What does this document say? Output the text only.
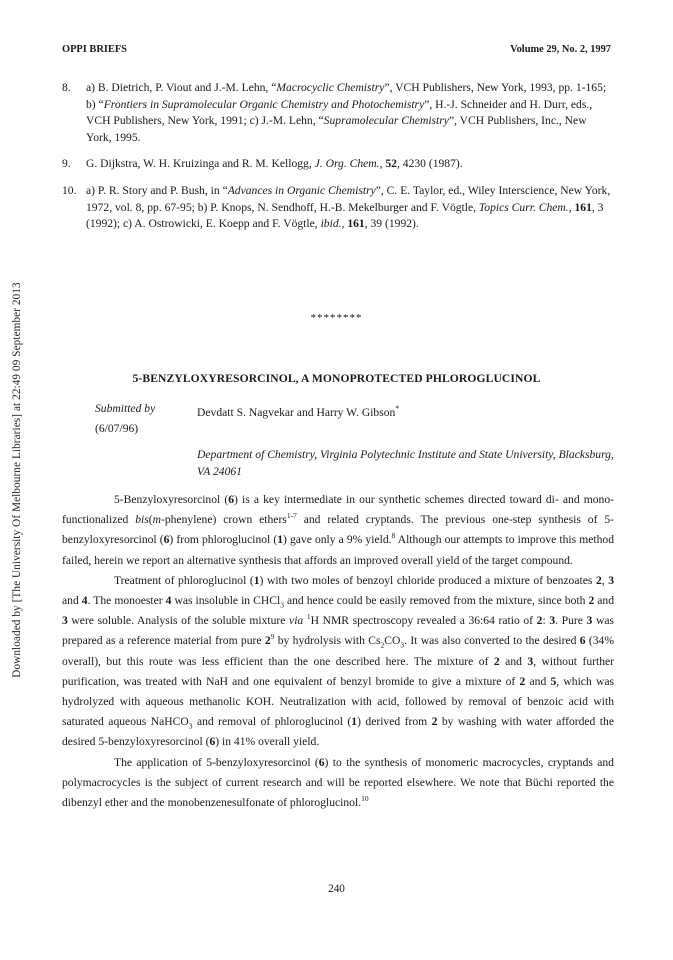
Downloaded by [The University Of Melbourne Libraries] at 22:49 09 September 2013
OPPI BRIEFS	Volume 29, No. 2, 1997
8.	a) B. Dietrich, P. Viout and J.-M. Lehn, “Macrocyclic Chemistry”, VCH Publishers, New York, 1993, pp. 1-165; b) “Frontiers in Supramolecular Organic Chemistry and Photochemistry”, H.-J. Schneider and H. Durr, eds., VCH Publishers, New York, 1991; c) J.-M. Lehn, “Supramolecular Chemistry”, VCH Publishers, Inc., New York, 1995.
9.	G. Dijkstra, W. H. Kruizinga and R. M. Kellogg, J. Org. Chem., 52, 4230 (1987).
10. a) P. R. Story and P. Bush, in “Advances in Organic Chemistry”, C. E. Taylor, ed., Wiley Interscience, New York, 1972, vol. 8, pp. 67-95; b) P. Knops, N. Sendhoff, H.-B. Mekelburger and F. Vögtle, Topics Curr. Chem., 161, 3 (1992); c) A. Ostrowicki, E. Koepp and F. Vögtle, ibid., 161, 39 (1992).
********
5-BENZYLOXYRESORCINOL, A MONOPROTECTED PHLOROGLUCINOL
Submitted by	Devdatt S. Nagvekar and Harry W. Gibson*
(6/07/96)
Department of Chemistry, Virginia Polytechnic Institute and State University, Blacksburg, VA 24061

5-Benzyloxyresorcinol (6) is a key intermediate in our synthetic schemes directed toward di- and mono-functionalized bis(m-phenylene) crown ethers$^{1-7}$ and related cryptands. The previous one-step synthesis of 5-benzyloxyresorcinol (6) from phloroglucinol (1) gave only a 9% yield.$^8$ Although our attempts to improve this method failed, herein we report an alternative synthesis that affords an improved overall yield of the target compound.

Treatment of phloroglucinol (1) with two moles of benzoyl chloride produced a mixture of benzoates 2, 3 and 4. The monoester 4 was insoluble in CHCl$_3$ and hence could be easily removed from the mixture, since both 2 and 3 were soluble. Analysis of the soluble mixture via $^1$H NMR spectroscopy revealed a 36:64 ratio of 2: 3. Pure 3 was prepared as a reference material from pure $2^9$ by hydrolysis with $Cs_2CO_3$. It was also converted to the desired 6 (34% overall), but this route was less efficient than the one described here. The mixture of 2 and 3, without further purification, was treated with NaH and one equivalent of benzyl bromide to give a mixture of 2 and 5, which was hydrolyzed with aqueous methanolic KOH. Neutralization with acid, followed by removal of benzoic acid with saturated aqueous NaHCO$_3$ and removal of phloroglucinol (1) derived from 2 by washing with water afforded the desired 5-benzyloxyresorcinol (6) in 41% overall yield.

The application of 5-benzyloxyresorcinol (6) to the synthesis of monomeric macrocycles, cryptands and polymacrocycles is the subject of current research and will be reported elsewhere. We note that Büchi reported the dibenzyl ether and the monobenzenesulfonate of phloroglucinol.$^{10}$

240
